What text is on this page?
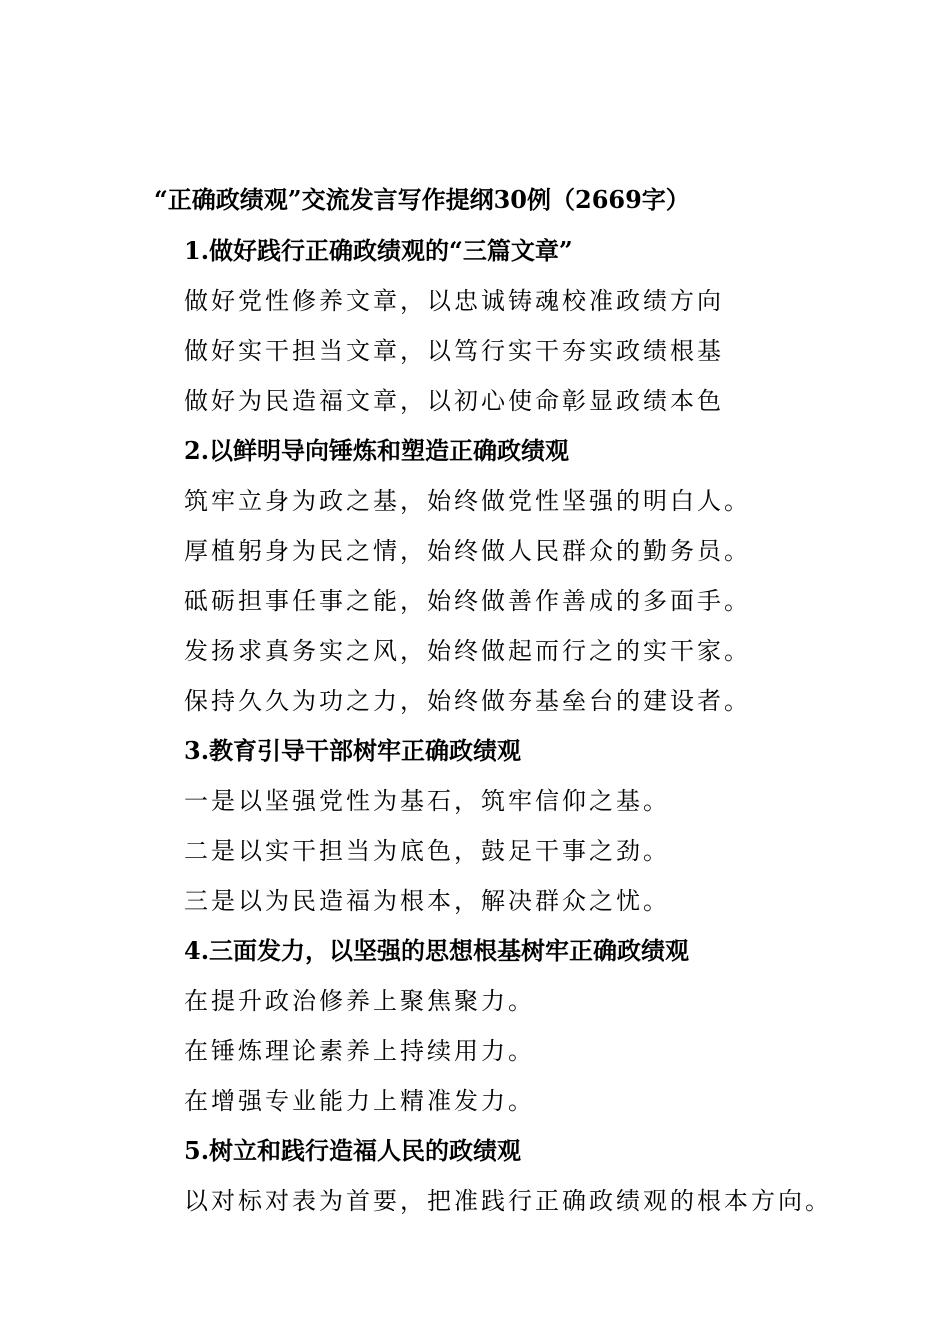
“正确政绩观”交流发言写作提纲30例（2669字）
1.做好践行正确政绩观的“三篇文章”
做好党性修养文章，以忠诚铸魂校准政绩方向
做好实干担当文章，以笃行实干夯实政绩根基
做好为民造福文章，以初心使命彰显政绩本色
2.以鲜明导向锤炼和塑造正确政绩观
筑牢立身为政之基，始终做党性坚强的明白人。
厚植躬身为民之情，始终做人民群众的勤务员。
砥砺担事任事之能，始终做善作善成的多面手。
发扬求真务实之风，始终做起而行之的实干家。
保持久久为功之力，始终做夯基垒台的建设者。
3.教育引导干部树牢正确政绩观
一是以坚强党性为基石，筑牢信仰之基。
二是以实干担当为底色，鼓足干事之劲。
三是以为民造福为根本，解决群众之忧。
4.三面发力，以坚强的思想根基树牢正确政绩观
在提升政治修养上聚焦聚力。
在锤炼理论素养上持续用力。
在增强专业能力上精准发力。
5.树立和践行造福人民的政绩观
以对标对表为首要，把准践行正确政绩观的根本方向。
